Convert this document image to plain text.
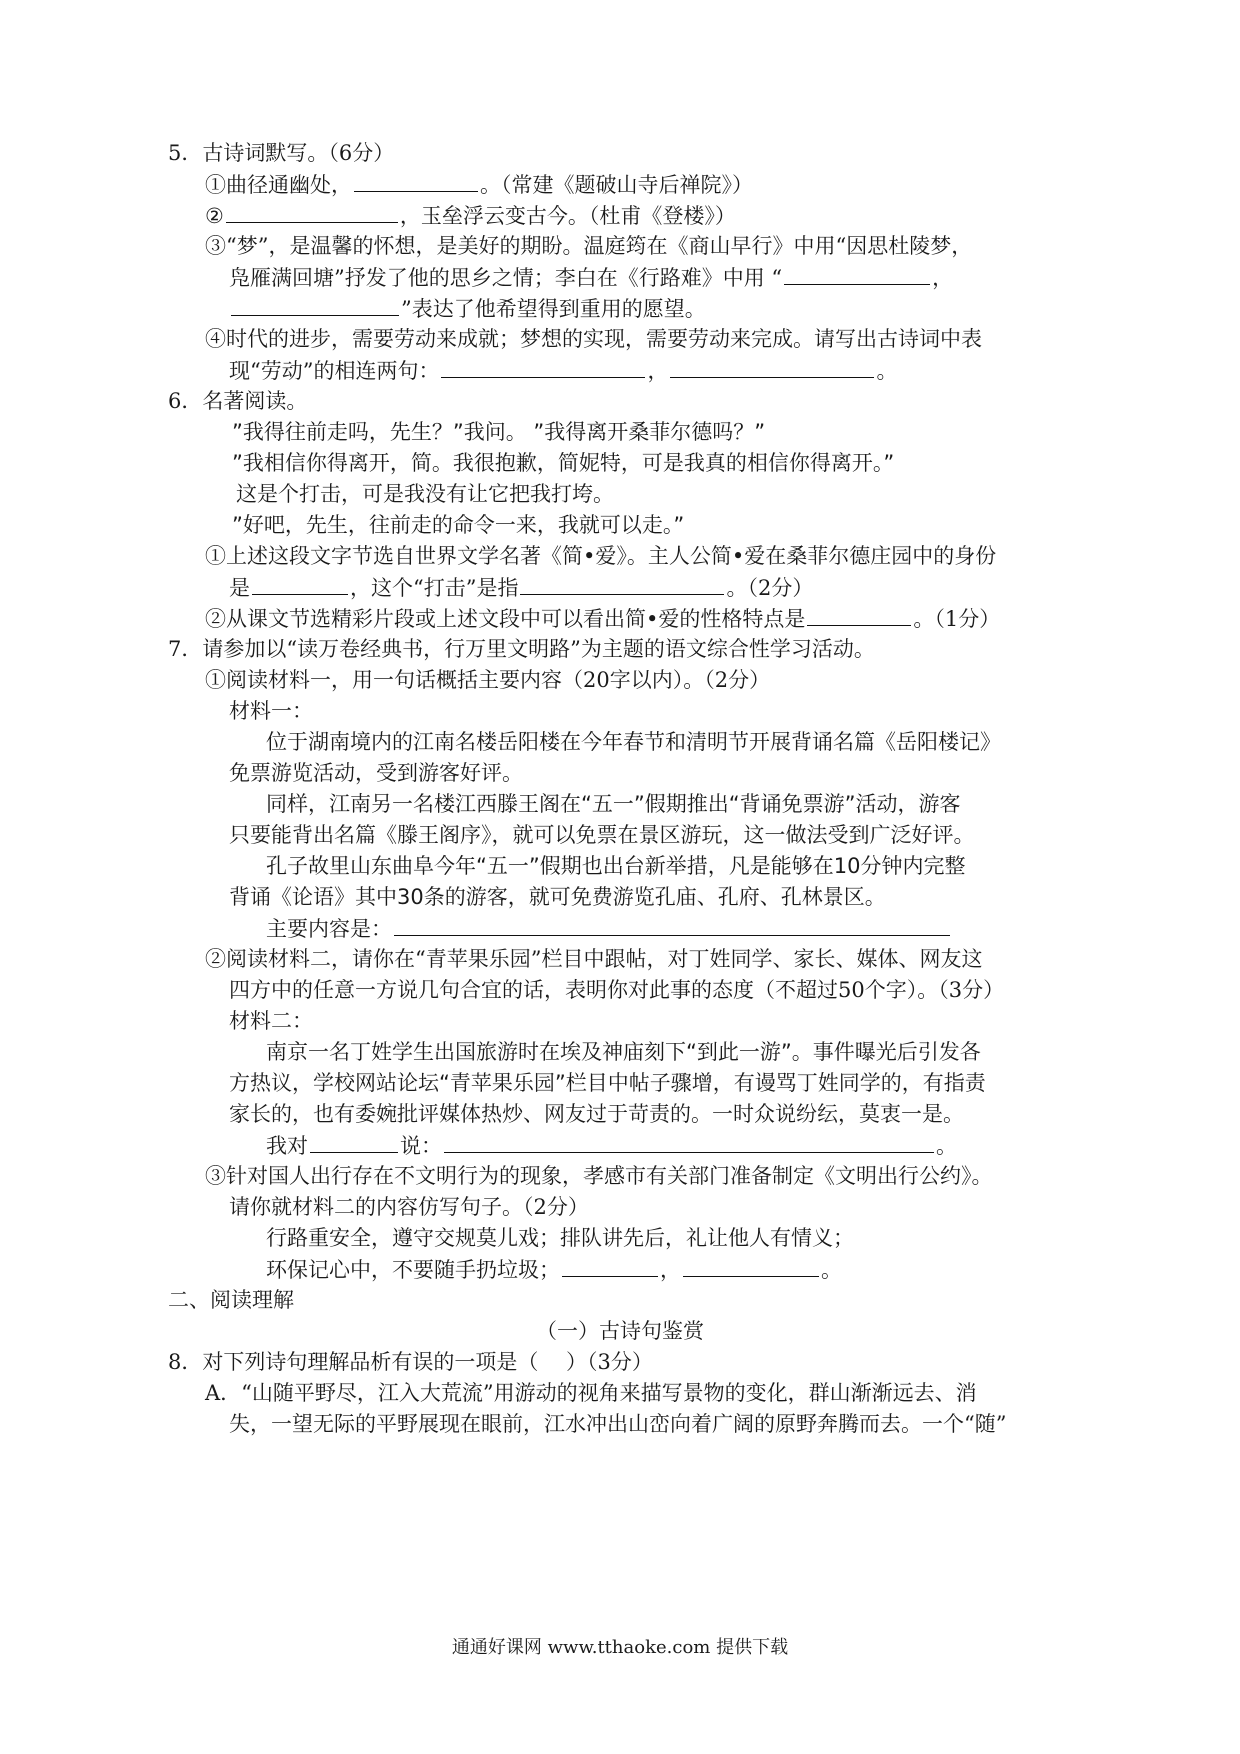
5．古诗词默写。（6分）
①曲径通幽处，	。（常建《题破山寺后禅院》）
②	，玉垒浮云变古今。（杜甫《登楼》）
③“梦”，是温馨的怀想，是美好的期盼。温庭筠在《商山早行》中用“因思杜陵梦，
凫雁满回塘”抒发了他的思乡之情；李白在《行路难》中用 “	，
”表达了他希望得到重用的愿望。
④时代的进步，需要劳动来成就；梦想的实现，需要劳动来完成。请写出古诗词中表
现“劳动”的相连两句：	，	。
6．名著阅读。
”我得往前走吗，先生？”我问。 ”我得离开桑菲尔德吗？”
”我相信你得离开，简。我很抱歉，简妮特，可是我真的相信你得离开。”
这是个打击，可是我没有让它把我打垮。
”好吧，先生，往前走的命令一来，我就可以走。”
①上述这段文字节选自世界文学名著《简•爱》。主人公简•爱在桑菲尔德庄园中的身份
是	，这个“打击”是指	。（2分）
②从课文节选精彩片段或上述文段中可以看出简•爱的性格特点是	。（1分）
7．请参加以“读万卷经典书，行万里文明路”为主题的语文综合性学习活动。
①阅读材料一，用一句话概括主要内容（20字以内）。（2分）
材料一：
位于湖南境内的江南名楼岳阳楼在今年春节和清明节开展背诵名篇《岳阳楼记》
免票游览活动，受到游客好评。
同样，江南另一名楼江西滕王阁在“五一”假期推出“背诵免票游”活动，游客
只要能背出名篇《滕王阁序》，就可以免票在景区游玩，这一做法受到广泛好评。
孔子故里山东曲阜今年“五一”假期也出台新举措，凡是能够在10分钟内完整
背诵《论语》其中30条的游客，就可免费游览孔庙、孔府、孔林景区。
主要内容是：
②阅读材料二，请你在“青苹果乐园”栏目中跟帖，对丁姓同学、家长、媒体、网友这
四方中的任意一方说几句合宜的话，表明你对此事的态度（不超过50个字）。（3分）
材料二：
南京一名丁姓学生出国旅游时在埃及神庙刻下“到此一游”。事件曝光后引发各
方热议，学校网站论坛“青苹果乐园”栏目中帖子骤增，有谩骂丁姓同学的，有指责
家长的，也有委婉批评媒体热炒、网友过于苛责的。一时众说纷纭，莫衷一是。
我对	说：	。
③针对国人出行存在不文明行为的现象，孝感市有关部门准备制定《文明出行公约》。
请你就材料二的内容仿写句子。（2分）
行路重安全，遵守交规莫儿戏；排队讲先后，礼让他人有情义；
环保记心中，不要随手扔垃圾；	，	。
二、阅读理解
（一）古诗句鉴赏
8．对下列诗句理解品析有误的一项是（　 ）（3分）
A．“山随平野尽，江入大荒流”用游动的视角来描写景物的变化，群山渐渐远去、消
失，一望无际的平野展现在眼前，江水冲出山峦向着广阔的原野奔腾而去。一个“随”
通通好课网 www.tthaoke.com 提供下载
